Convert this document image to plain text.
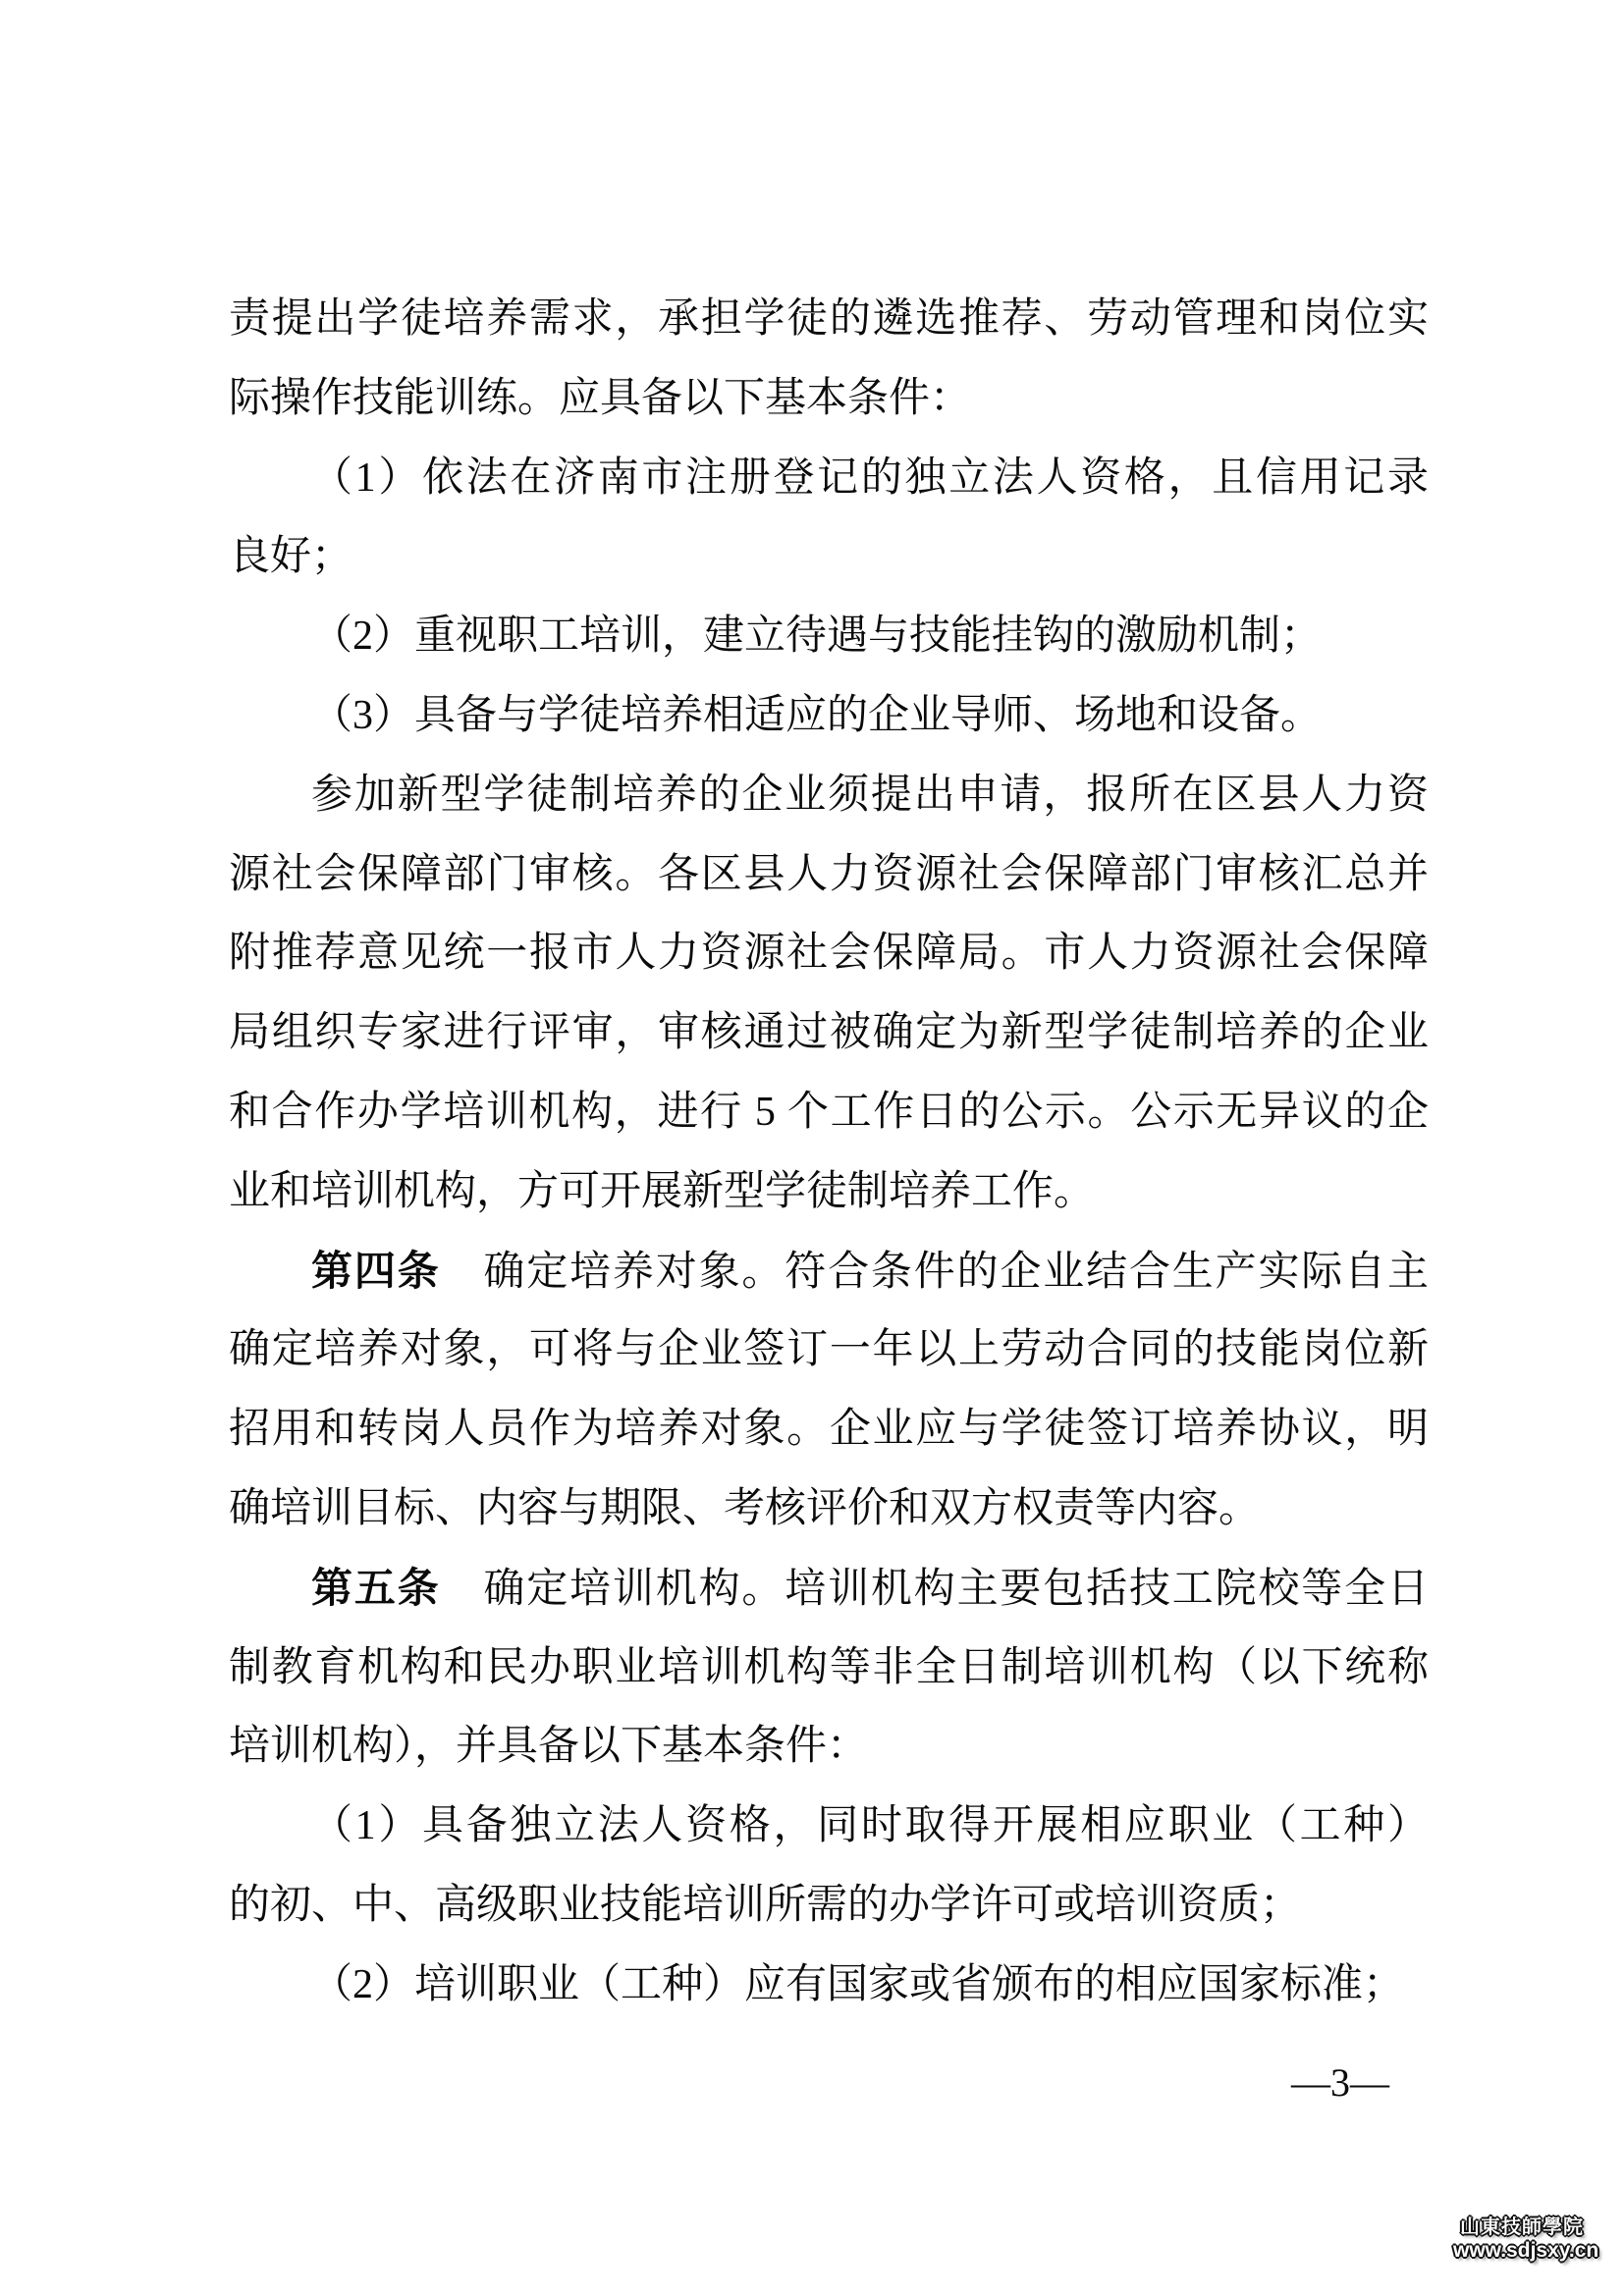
责提出学徒培养需求，承担学徒的遴选推荐、劳动管理和岗位实
际操作技能训练。应具备以下基本条件：
（1）依法在济南市注册登记的独立法人资格，且信用记录
良好；
（2）重视职工培训，建立待遇与技能挂钩的激励机制；
（3）具备与学徒培养相适应的企业导师、场地和设备。
参加新型学徒制培养的企业须提出申请，报所在区县人力资
源社会保障部门审核。各区县人力资源社会保障部门审核汇总并
附推荐意见统一报市人力资源社会保障局。市人力资源社会保障
局组织专家进行评审，审核通过被确定为新型学徒制培养的企业
和合作办学培训机构，进行 5 个工作日的公示。公示无异议的企
业和培训机构，方可开展新型学徒制培养工作。
第四条　确定培养对象。符合条件的企业结合生产实际自主
确定培养对象，可将与企业签订一年以上劳动合同的技能岗位新
招用和转岗人员作为培养对象。企业应与学徒签订培养协议，明
确培训目标、内容与期限、考核评价和双方权责等内容。
第五条　确定培训机构。培训机构主要包括技工院校等全日
制教育机构和民办职业培训机构等非全日制培训机构（以下统称
培训机构），并具备以下基本条件：
（1）具备独立法人资格，同时取得开展相应职业（工种）
的初、中、高级职业技能培训所需的办学许可或培训资质；
（2）培训职业（工种）应有国家或省颁布的相应国家标准；
—3—
山東技師學院
www.sdjsxy.cn
